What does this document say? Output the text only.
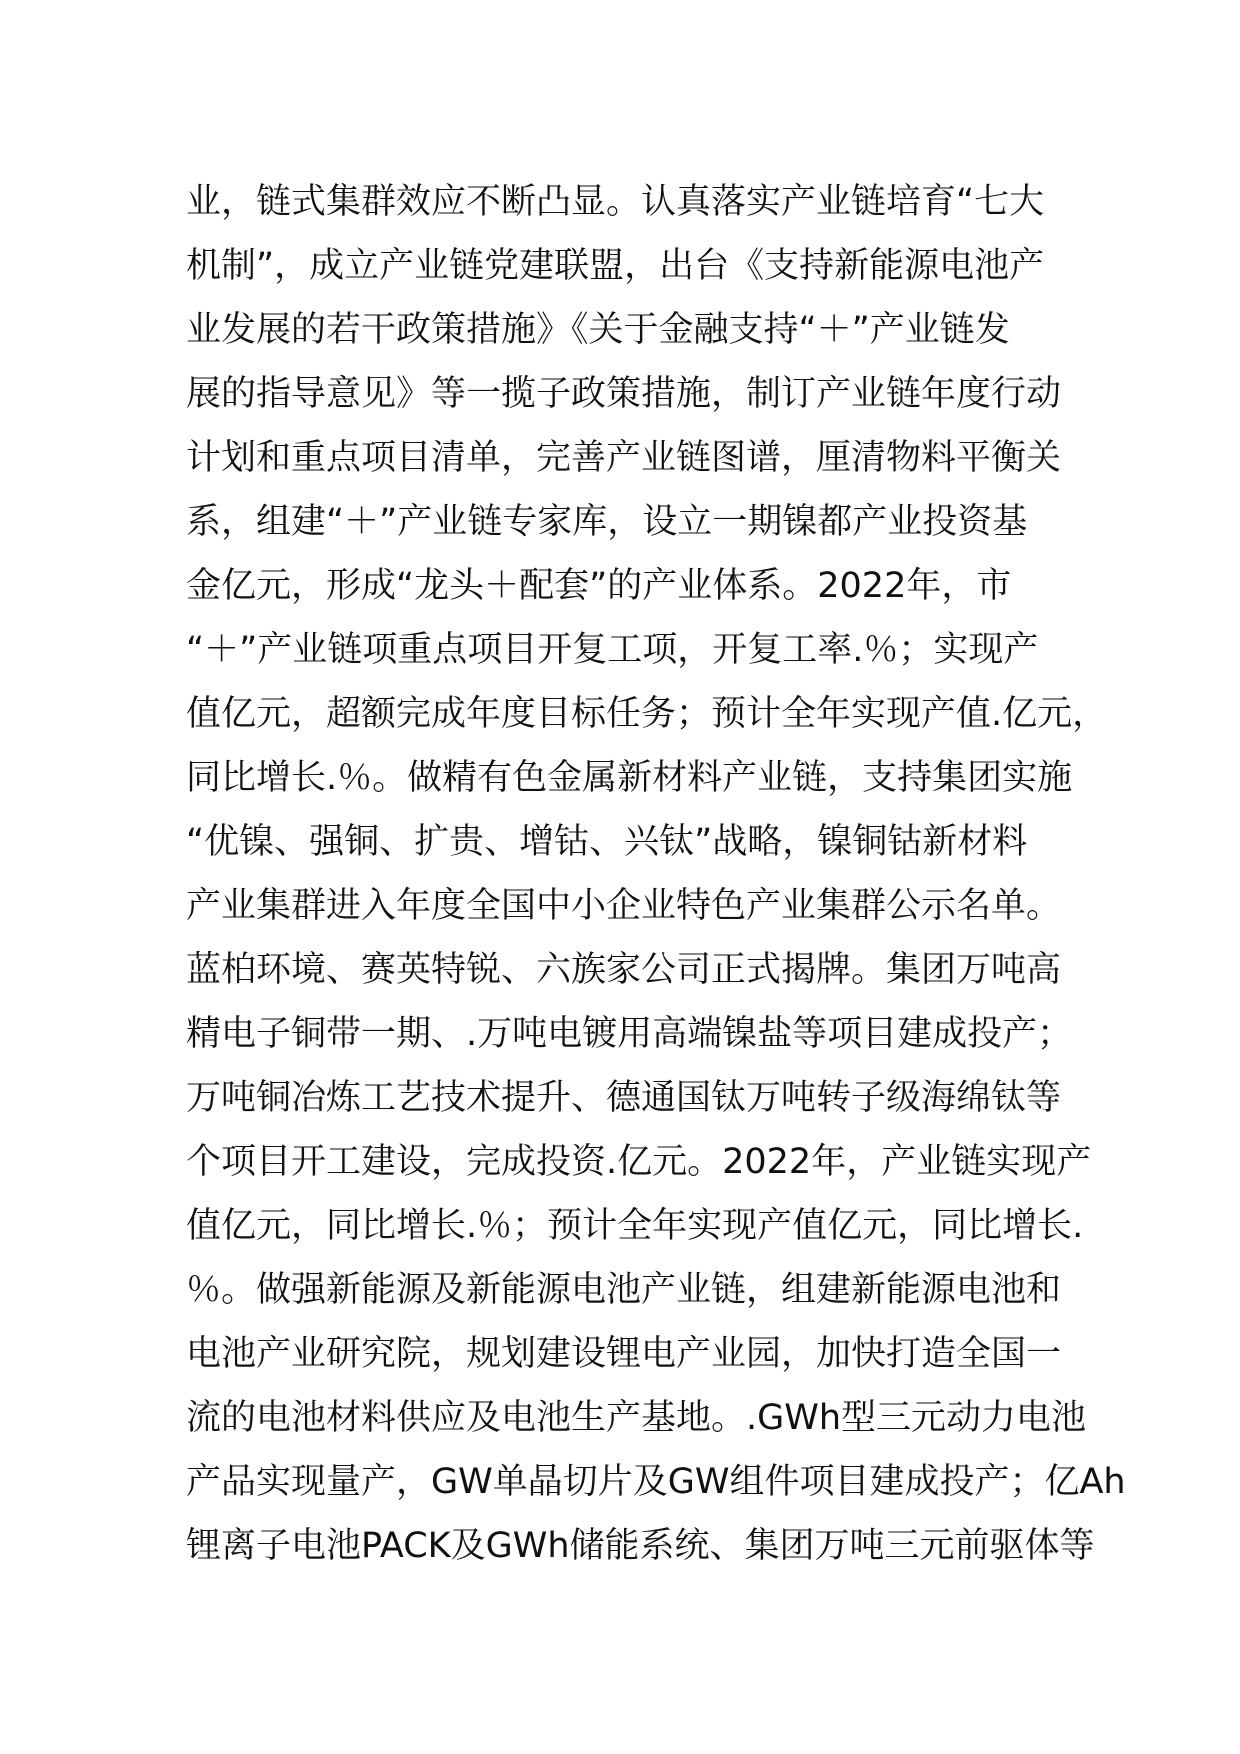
业，链式集群效应不断凸显。认真落实产业链培育“七大
机制”，成立产业链党建联盟，出台《支持新能源电池产
业发展的若干政策措施》《关于金融支持“＋”产业链发
展的指导意见》等一揽子政策措施，制订产业链年度行动
计划和重点项目清单，完善产业链图谱，厘清物料平衡关
系，组建“＋”产业链专家库，设立一期镍都产业投资基
金亿元，形成“龙头＋配套”的产业体系。2022年，市
“＋”产业链项重点项目开复工项，开复工率.％；实现产
值亿元，超额完成年度目标任务；预计全年实现产值.亿元，
同比增长.％。做精有色金属新材料产业链，支持集团实施
“优镍、强铜、扩贵、增钴、兴钛”战略，镍铜钴新材料
产业集群进入年度全国中小企业特色产业集群公示名单。
蓝柏环境、赛英特锐、六族家公司正式揭牌。集团万吨高
精电子铜带一期、.万吨电镀用高端镍盐等项目建成投产；
万吨铜冶炼工艺技术提升、德通国钛万吨转子级海绵钛等
个项目开工建设，完成投资.亿元。2022年，产业链实现产
值亿元，同比增长.％；预计全年实现产值亿元，同比增长.
％。做强新能源及新能源电池产业链，组建新能源电池和
电池产业研究院，规划建设锂电产业园，加快打造全国一
流的电池材料供应及电池生产基地。.GWh型三元动力电池
产品实现量产，GW单晶切片及GW组件项目建成投产；亿Ah
锂离子电池PACK及GWh储能系统、集团万吨三元前驱体等
